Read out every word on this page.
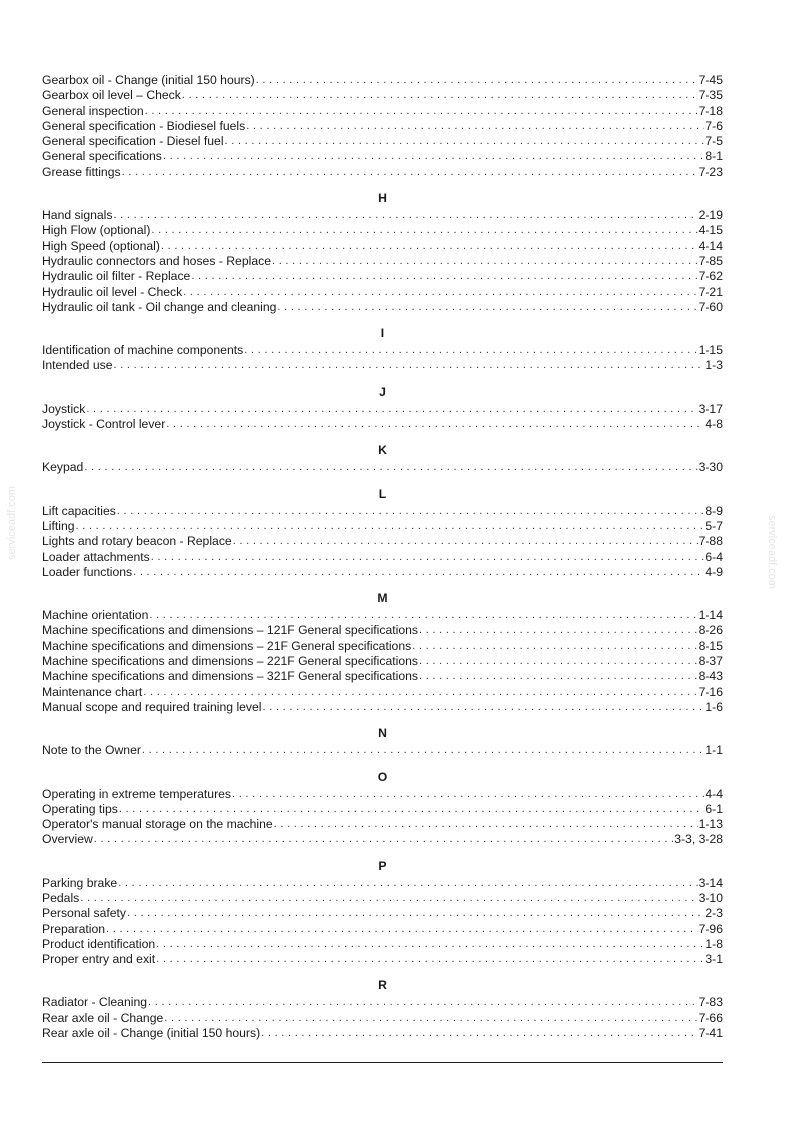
serviceadf.com	serviceadf.com
Gearbox oil - Change (initial 150 hours) . . .	7-45
Gearbox oil level – Check . . .	7-35
General inspection . . .	7-18
General specification - Biodiesel fuels . . .	7-6
General specification - Diesel fuel . . .	7-5
General specifications . . .	8-1
Grease fittings . . .	7-23
H
Hand signals . . .	2-19
High Flow (optional) . . .	4-15
High Speed (optional) . . .	4-14
Hydraulic connectors and hoses - Replace . . .	7-85
Hydraulic oil filter - Replace . . .	7-62
Hydraulic oil level - Check . . .	7-21
Hydraulic oil tank - Oil change and cleaning . . .	7-60
I
Identification of machine components . . .	1-15
Intended use . . .	1-3
J
Joystick . . .	3-17
Joystick - Control lever . . .	4-8
K
Keypad . . .	3-30
L
Lift capacities . . .	8-9
Lifting . . .	5-7
Lights and rotary beacon - Replace . . .	7-88
Loader attachments . . .	6-4
Loader functions . . .	4-9
M
Machine orientation . . .	1-14
Machine specifications and dimensions – 121F General specifications . . .	8-26
Machine specifications and dimensions – 21F General specifications . . .	8-15
Machine specifications and dimensions – 221F General specifications . . .	8-37
Machine specifications and dimensions – 321F General specifications . . .	8-43
Maintenance chart . . .	7-16
Manual scope and required training level . . .	1-6
N
Note to the Owner . . .	1-1
O
Operating in extreme temperatures . . .	4-4
Operating tips . . .	6-1
Operator's manual storage on the machine . . .	1-13
Overview . . .	3-3, 3-28
P
Parking brake . . .	3-14
Pedals . . .	3-10
Personal safety . . .	2-3
Preparation . . .	7-96
Product identification . . .	1-8
Proper entry and exit . . .	3-1
R
Radiator - Cleaning . . .	7-83
Rear axle oil - Change . . .	7-66
Rear axle oil - Change (initial 150 hours) . . .	7-41
